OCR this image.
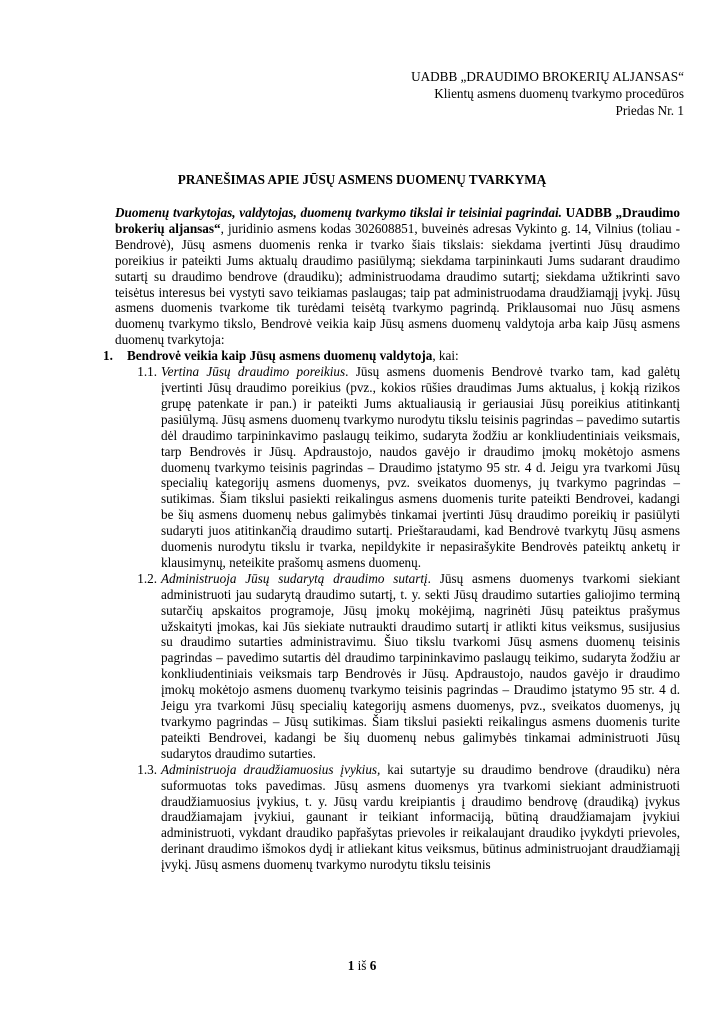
UADBB „DRAUDIMO BROKERIŲ ALJANSAS“
Klientų asmens duomenų tvarkymo procedūros
Priedas Nr. 1
PRANEŠIMAS APIE JŪSŲ ASMENS DUOMENŲ TVARKYMĄ

Duomenų tvarkytojas, valdytojas, duomenų tvarkymo tikslai ir teisiniai pagrindai. UADBB „Draudimo brokerių aljansas“, juridinio asmens kodas 302608851, buveinės adresas Vykinto g. 14, Vilnius (toliau - Bendrovė), Jūsų asmens duomenis renka ir tvarko šiais tikslais: siekdama įvertinti Jūsų draudimo poreikius ir pateikti Jums aktualų draudimo pasiūlymą; siekdama tarpininkauti Jums sudarant draudimo sutartį su draudimo bendrove (draudiku); administruodama draudimo sutartį; siekdama užtikrinti savo teisėtus interesus bei vystyti savo teikiamas paslaugas; taip pat administruodama draudžiamąjį įvykį. Jūsų asmens duomenis tvarkome tik turėdami teisėtą tvarkymo pagrindą. Priklausomai nuo Jūsų asmens duomenų tvarkymo tikslo, Bendrovė veikia kaip Jūsų asmens duomenų valdytoja arba kaip Jūsų asmens duomenų tvarkytoja:

1. Bendrovė veikia kaip Jūsų asmens duomenų valdytoja, kai:
1.1. Vertina Jūsų draudimo poreikius. Jūsų asmens duomenis Bendrovė tvarko tam, kad galėtų įvertinti Jūsų draudimo poreikius (pvz., kokios rūšies draudimas Jums aktualus, į kokįą rizikos grupę patenkate ir pan.) ir pateikti Jums aktualiausią ir geriausiai Jūsų poreikius atitinkantį pasiūlymą. Jūsų asmens duomenų tvarkymo nurodytu tikslu teisinis pagrindas – pavedimo sutartis dėl draudimo tarpininkavimo paslaugų teikimo, sudaryta žodžiu ar konkliudentiniais veiksmais, tarp Bendrovės ir Jūsų. Apdraustojo, naudos gavėjo ir draudimo įmokų mokėtojo asmens duomenų tvarkymo teisinis pagrindas – Draudimo įstatymo 95 str. 4 d. Jeigu yra tvarkomi Jūsų specialių kategorijų asmens duomenys, pvz. sveikatos duomenys, jų tvarkymo pagrindas – sutikimas. Šiam tikslui pasiekti reikalingus asmens duomenis turite pateikti Bendrovei, kadangi be šių asmens duomenų nebus galimybės tinkamai įvertinti Jūsų draudimo poreikių ir pasiūlyti sudaryti juos atitinkančią draudimo sutartį. Prieštaraudami, kad Bendrovė tvarkytų Jūsų asmens duomenis nurodytu tikslu ir tvarka, nepildykite ir nepasirašykite Bendrovės pateiktų anketų ir klausimynų, neteikite prašomų asmens duomenų.
1.2. Administruoja Jūsų sudarytą draudimo sutartį. Jūsų asmens duomenys tvarkomi siekiant administruoti jau sudarytą draudimo sutartį, t. y. sekti Jūsų draudimo sutarties galiojimo terminą sutarčių apskaitos programoje, Jūsų įmokų mokėjimą, nagrinėti Jūsų pateiktus prašymus užskaityti įmokas, kai Jūs siekiate nutraukti draudimo sutartį ir atlikti kitus veiksmus, susijusius su draudimo sutarties administravimu. Šiuo tikslu tvarkomi Jūsų asmens duomenų teisinis pagrindas – pavedimo sutartis dėl draudimo tarpininkavimo paslaugų teikimo, sudaryta žodžiu ar konkliudentiniais veiksmais tarp Bendrovės ir Jūsų. Apdraustojo, naudos gavėjo ir draudimo įmokų mokėtojo asmens duomenų tvarkymo teisinis pagrindas – Draudimo įstatymo 95 str. 4 d. Jeigu yra tvarkomi Jūsų specialių kategorijų asmens duomenys, pvz., sveikatos duomenys, jų tvarkymo pagrindas – Jūsų sutikimas. Šiam tikslui pasiekti reikalingus asmens duomenis turite pateikti Bendrovei, kadangi be šių duomenų nebus galimybės tinkamai administruoti Jūsų sudarytos draudimo sutarties.
1.3. Administruoja draudžiamuosius įvykius, kai sutartyje su draudimo bendrove (draudiku) nėra suformuotas toks pavedimas. Jūsų asmens duomenys yra tvarkomi siekiant administruoti draudžiamuosius įvykius, t. y. Jūsų vardu kreipiantis į draudimo bendrovę (draudiką) įvykus draudžiamajam įvykiui, gaunant ir teikiant informaciją, būtiną draudžiamajam įvykiui administruoti, vykdant draudiko papřašytas prievoles ir reikalaujant draudiko įvykdyti prievoles, derinant draudimo išmokos dydį ir atliekant kitus veiksmus, būtinus administruojant draudžiamąjį įvykį. Jūsų asmens duomenų tvarkymo nurodytu tikslu teisinis
1 iš 6
